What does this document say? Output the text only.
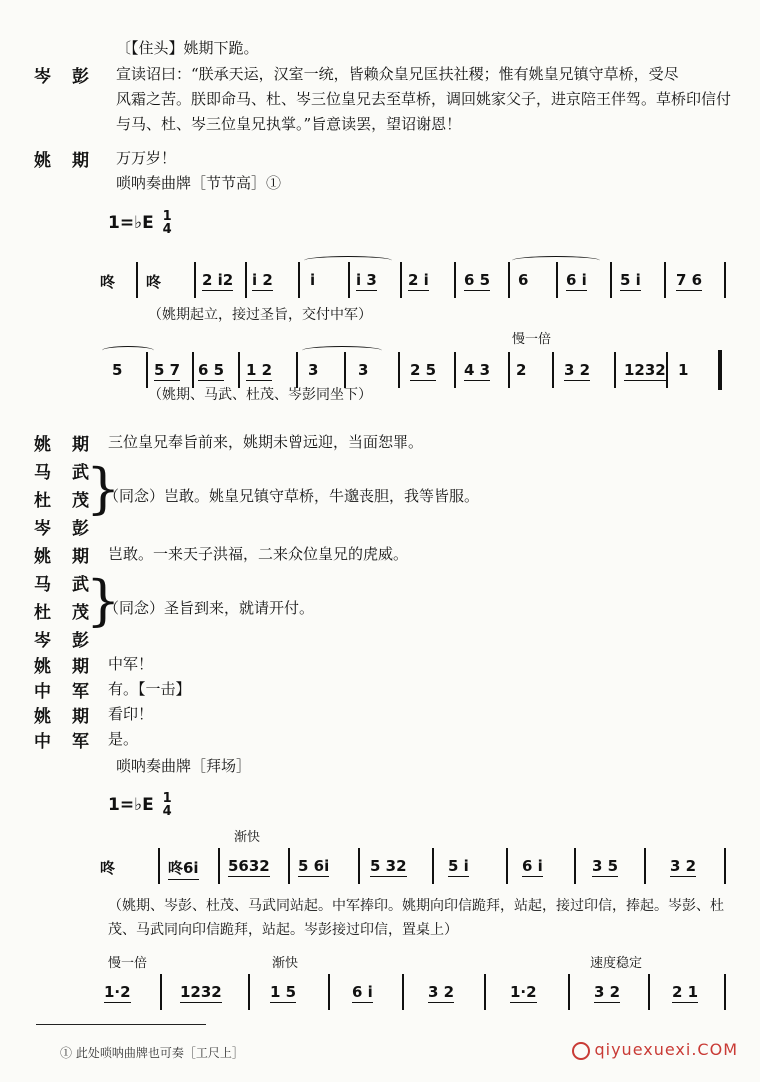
〔【住头】姚期下跪。
岑　彭 宣读诏曰：“朕承天运，汉室一统，皆赖众皇兄匡扶社稷；惟有姚皇兄镇守草桥，受尽
风霜之苦。朕即命马、杜、岑三位皇兄去至草桥，调回姚家父子，进京陪王伴驾。草桥印信付与马、杜、岑三位皇兄执掌。”旨意读罢，望诏谢恩！
姚　期 万万岁！
唢呐奏曲牌［节节高］①
1=♭E 1
4
咚 咚	2 i2 i 2 i	i 3 2 i 6 5 6	6 i 5 i 7 6
（姚期起立，接过圣旨，交付中军）
慢一倍
5 5 7 6 5 1 2 3	3	2 5 4 3 2	3 2 1232 1
（姚期、马武、杜茂、岑彭同坐下）
姚　期 三位皇兄奉旨前来，姚期未曾远迎，当面恕罪。
马　武
杜　茂
岑　彭
}
（同念）岂敢。姚皇兄镇守草桥，牛邈丧胆，我等皆服。
姚　期 岂敢。一来天子洪福，二来众位皇兄的虎威。
马　武
杜　茂
岑　彭
}
（同念）圣旨到来，就请开付。
姚　期 中军！
中　军 有。【一击】
姚　期 看印！
中　军 是。
唢呐奏曲牌［拜场］
1=♭E 1
4
渐快
咚	咚6i 5632 5 6i	5 32	5 i	6 i	3 5	3 2
（姚期、岑彭、杜茂、马武同站起。中军捧印。姚期向印信跪拜，站起，接过印信，捧起。岑彭、杜茂、马武同向印信跪拜，站起。岑彭接过印信，置桌上）
慢一倍	渐快	速度稳定
1·2	1232	1 5	6 i	3 2	1·2	3 2	2 1
① 此处唢呐曲牌也可奏［工尺上］	qiyuexuexi.COM
